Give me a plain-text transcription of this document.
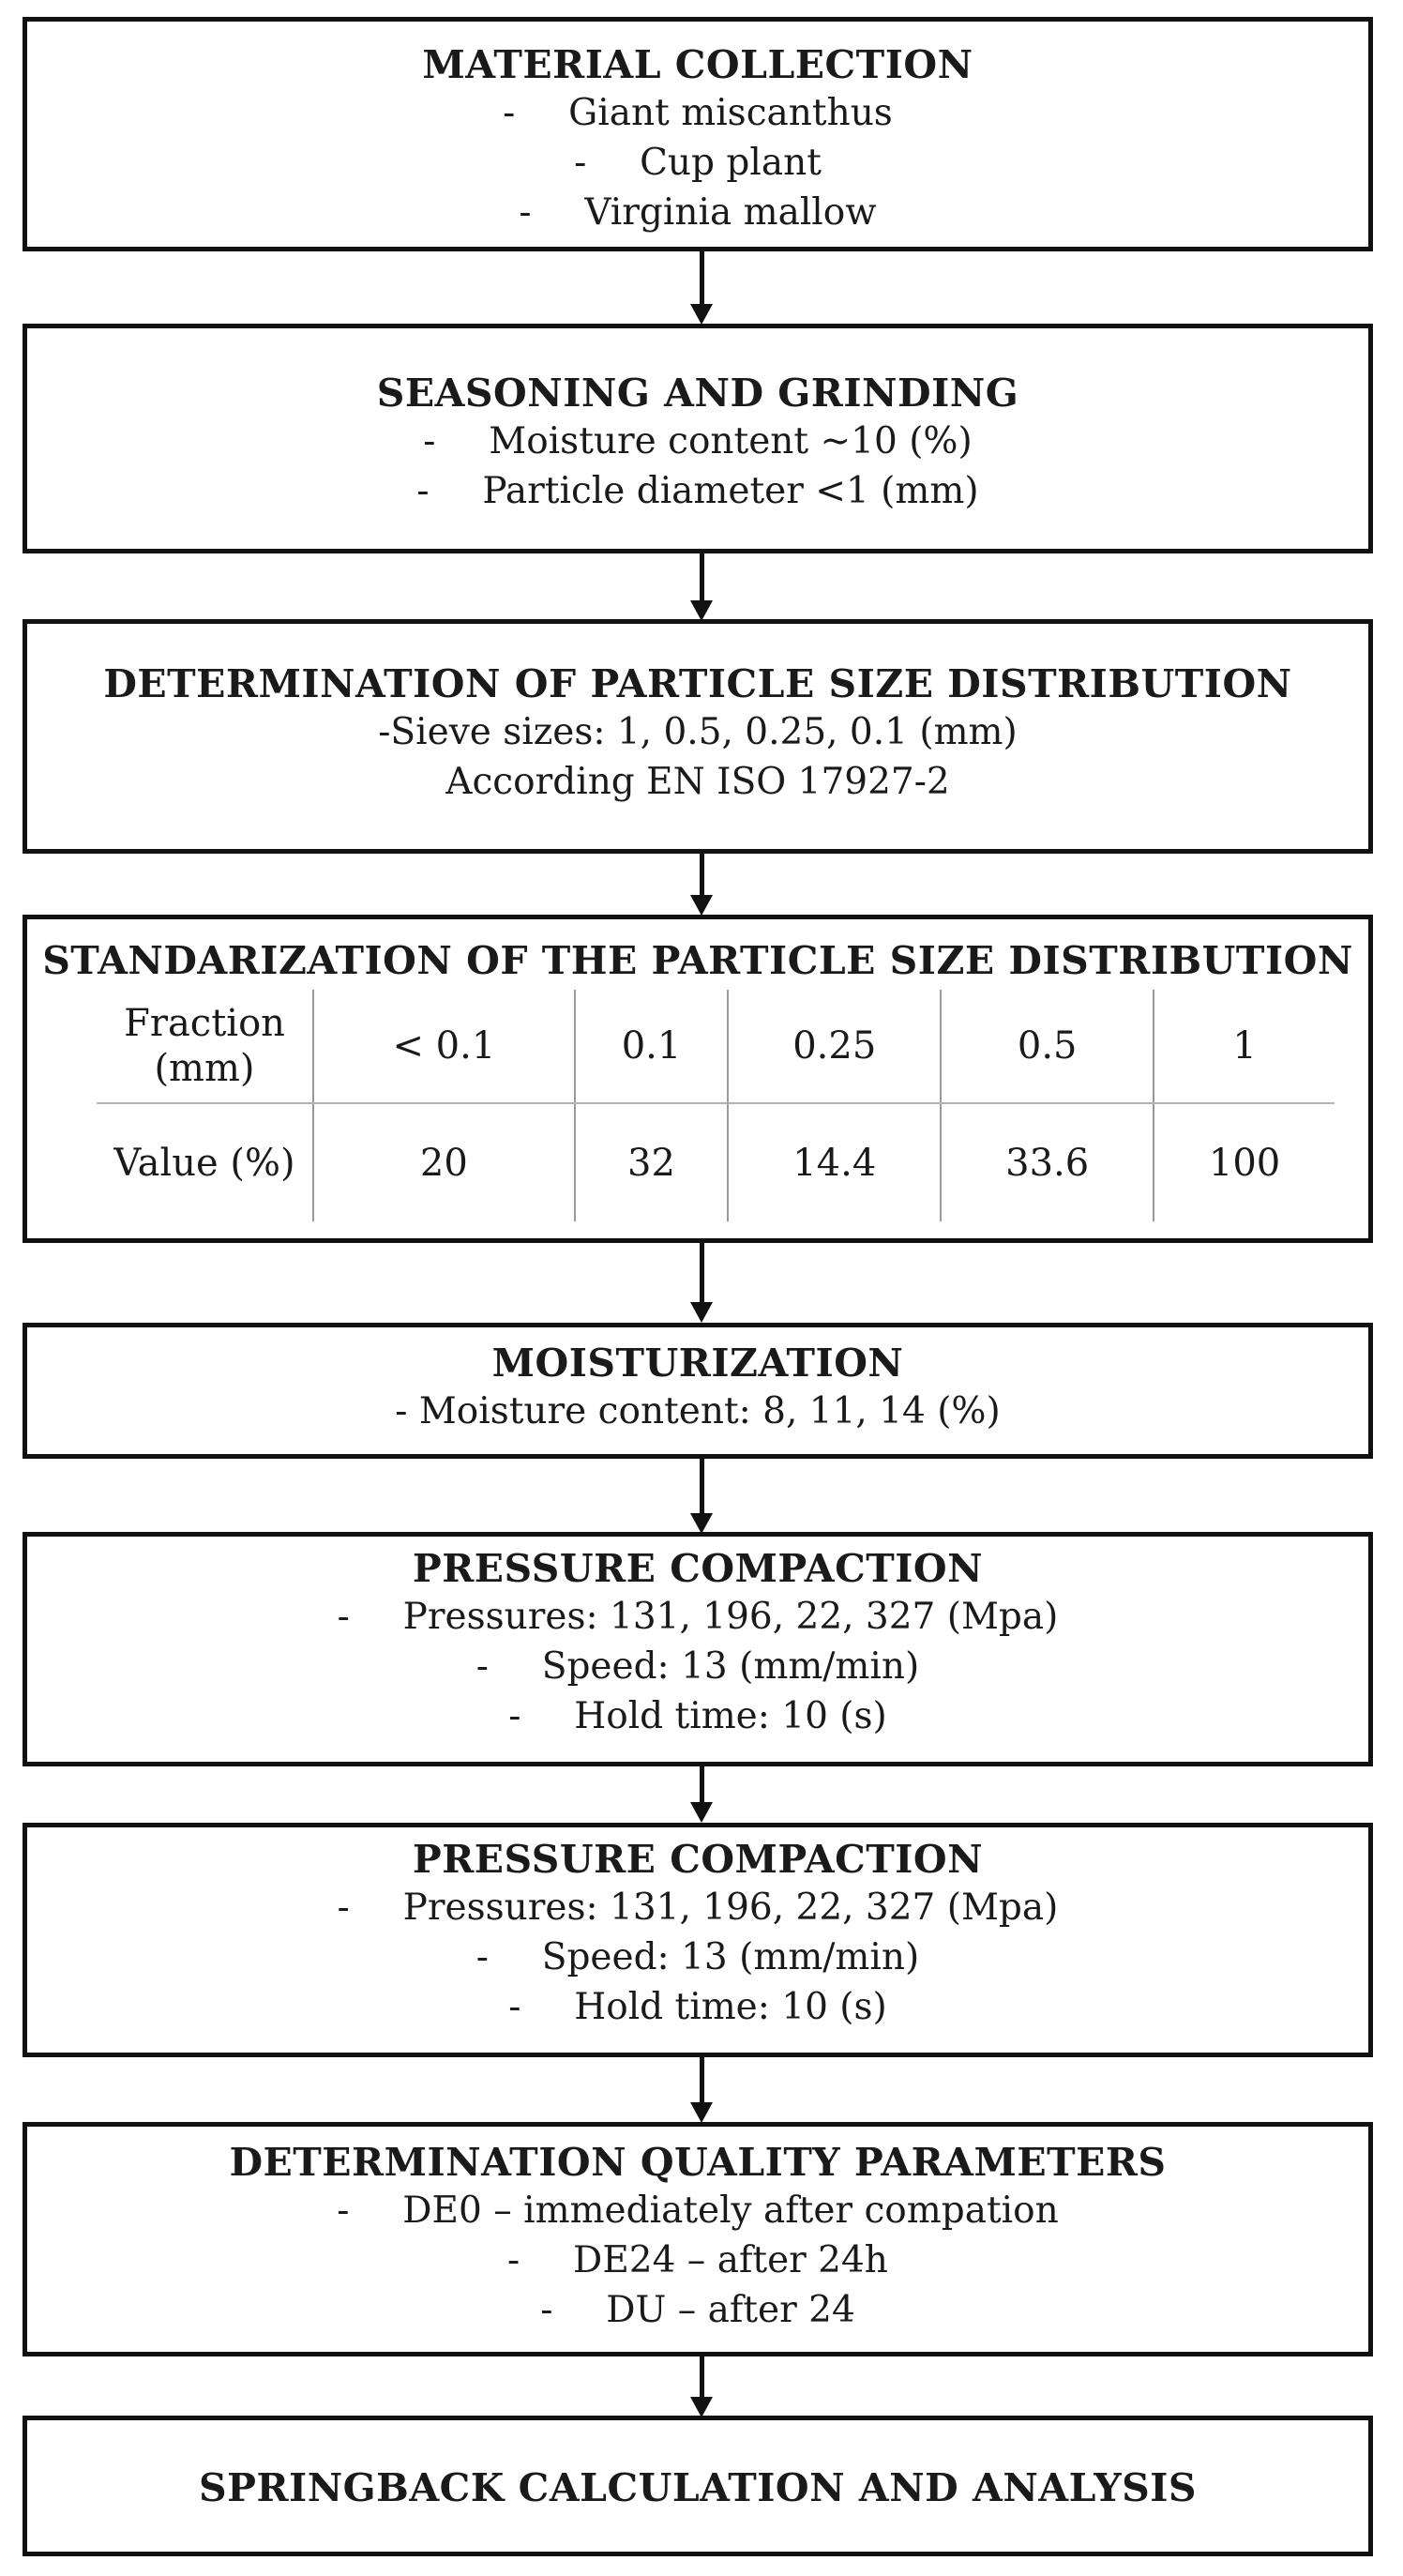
MATERIAL COLLECTION
- Giant miscanthus
- Cup plant
- Virginia mallow
SEASONING AND GRINDING
- Moisture content ~10 (%)
- Particle diameter <1 (mm)
DETERMINATION OF PARTICLE SIZE DISTRIBUTION
-Sieve sizes: 1, 0.5, 0.25, 0.1 (mm)
According EN ISO 17927-2
STANDARIZATION OF THE PARTICLE SIZE DISTRIBUTION
Fraction (mm)	< 0.1	0.1	0.25	0.5	1
Value (%)	20	32	14.4	33.6	100
MOISTURIZATION
- Moisture content: 8, 11, 14 (%)
PRESSURE COMPACTION
- Pressures: 131, 196, 22, 327 (Mpa)
- Speed: 13 (mm/min)
- Hold time: 10 (s)
PRESSURE COMPACTION
- Pressures: 131, 196, 22, 327 (Mpa)
- Speed: 13 (mm/min)
- Hold time: 10 (s)
DETERMINATION QUALITY PARAMETERS
- DE0 – immediately after compation
- DE24 – after 24h
- DU – after 24
SPRINGBACK CALCULATION AND ANALYSIS
